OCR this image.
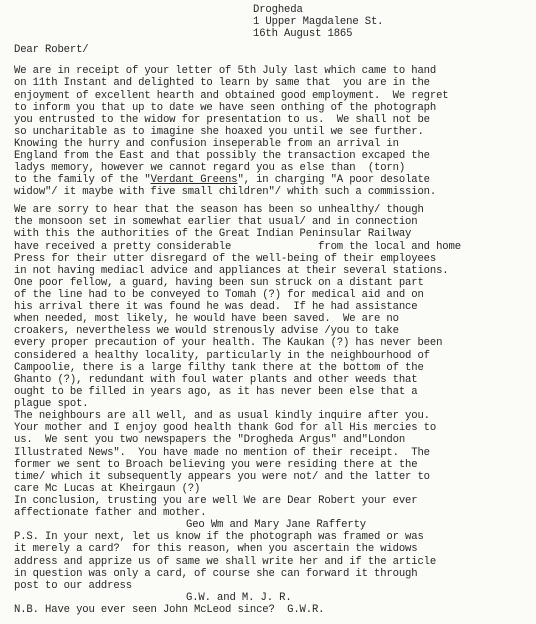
Drogheda
1 Upper Magdalene St.
16th August 1865
Dear Robert/
We are in receipt of your letter of 5th July last which came to hand
on 11th Instant and delighted to learn by same that  you are in the
enjoyment of excellent hearth and obtained good employment.  We regret
to inform you that up to date we have seen onthing of the photograph
you entrusted to the widow for presentation to us.  We shall not be
so uncharitable as to imagine she hoaxed you until we see further.
Knowing the hurry and confusion inseperable from an arrival in
England from the East and that possibly the transaction excaped the
ladys memory, however we cannot regard you as else than  (torn)
to the family of the "Verdant Greens", in charging "A poor desolate
widow"/ it maybe with five small children"/ whith such a commission.
We are sorry to hear that the season has been so unhealthy/ though
the monsoon set in somewhat earlier that usual/ and in connection
with this the authorities of the Great Indian Peninsular Railway
have received a pretty considerable              from the local and home
Press for their utter disregard of the well-being of their employees
in not having mediacl advice and appliances at their several stations.
One poor fellow, a guard, having been sun struck on a distant part
of the line had to be conveyed to Tomah (?) for medical aid and on
his arrival there it was found he was dead.  If he had assistance
when needed, most likely, he would have been saved.  We are no
croakers, nevertheless we would strenously advise /you to take
every proper precaution of your health. The Kaukan (?) has never been
considered a healthy locality, particularly in the neighbourhood of
Campoolie, there is a large filthy tank there at the bottom of the
Ghanto (?), redundant with foul water plants and other weeds that
ought to be filled in years ago, as it has never been else that a
plague spot.
The neighbours are all well, and as usual kindly inquire after you.
Your mother and I enjoy good health thank God for all His mercies to
us.  We sent you two newspapers the "Drogheda Argus" and"London
Illustrated News".  You have made no mention of their receipt.  The
former we sent to Broach believing you were residing there at the
time/ which it subsequently appears you were not/ and the latter to
care Mc Lucas at Kheirgaun (?)
In conclusion, trusting you are well We are Dear Robert your ever
affectionate father and mother.
Geo Wm and Mary Jane Rafferty
P.S. In your next, let us know if the photograph was framed or was
it merely a card?  for this reason, when you ascertain the widows
address and apprize us of same we shall write her and if the article
in question was only a card, of course she can forward it through
post to our address
G.W. and M. J. R.
N.B. Have you ever seen John McLeod since?  G.W.R.
